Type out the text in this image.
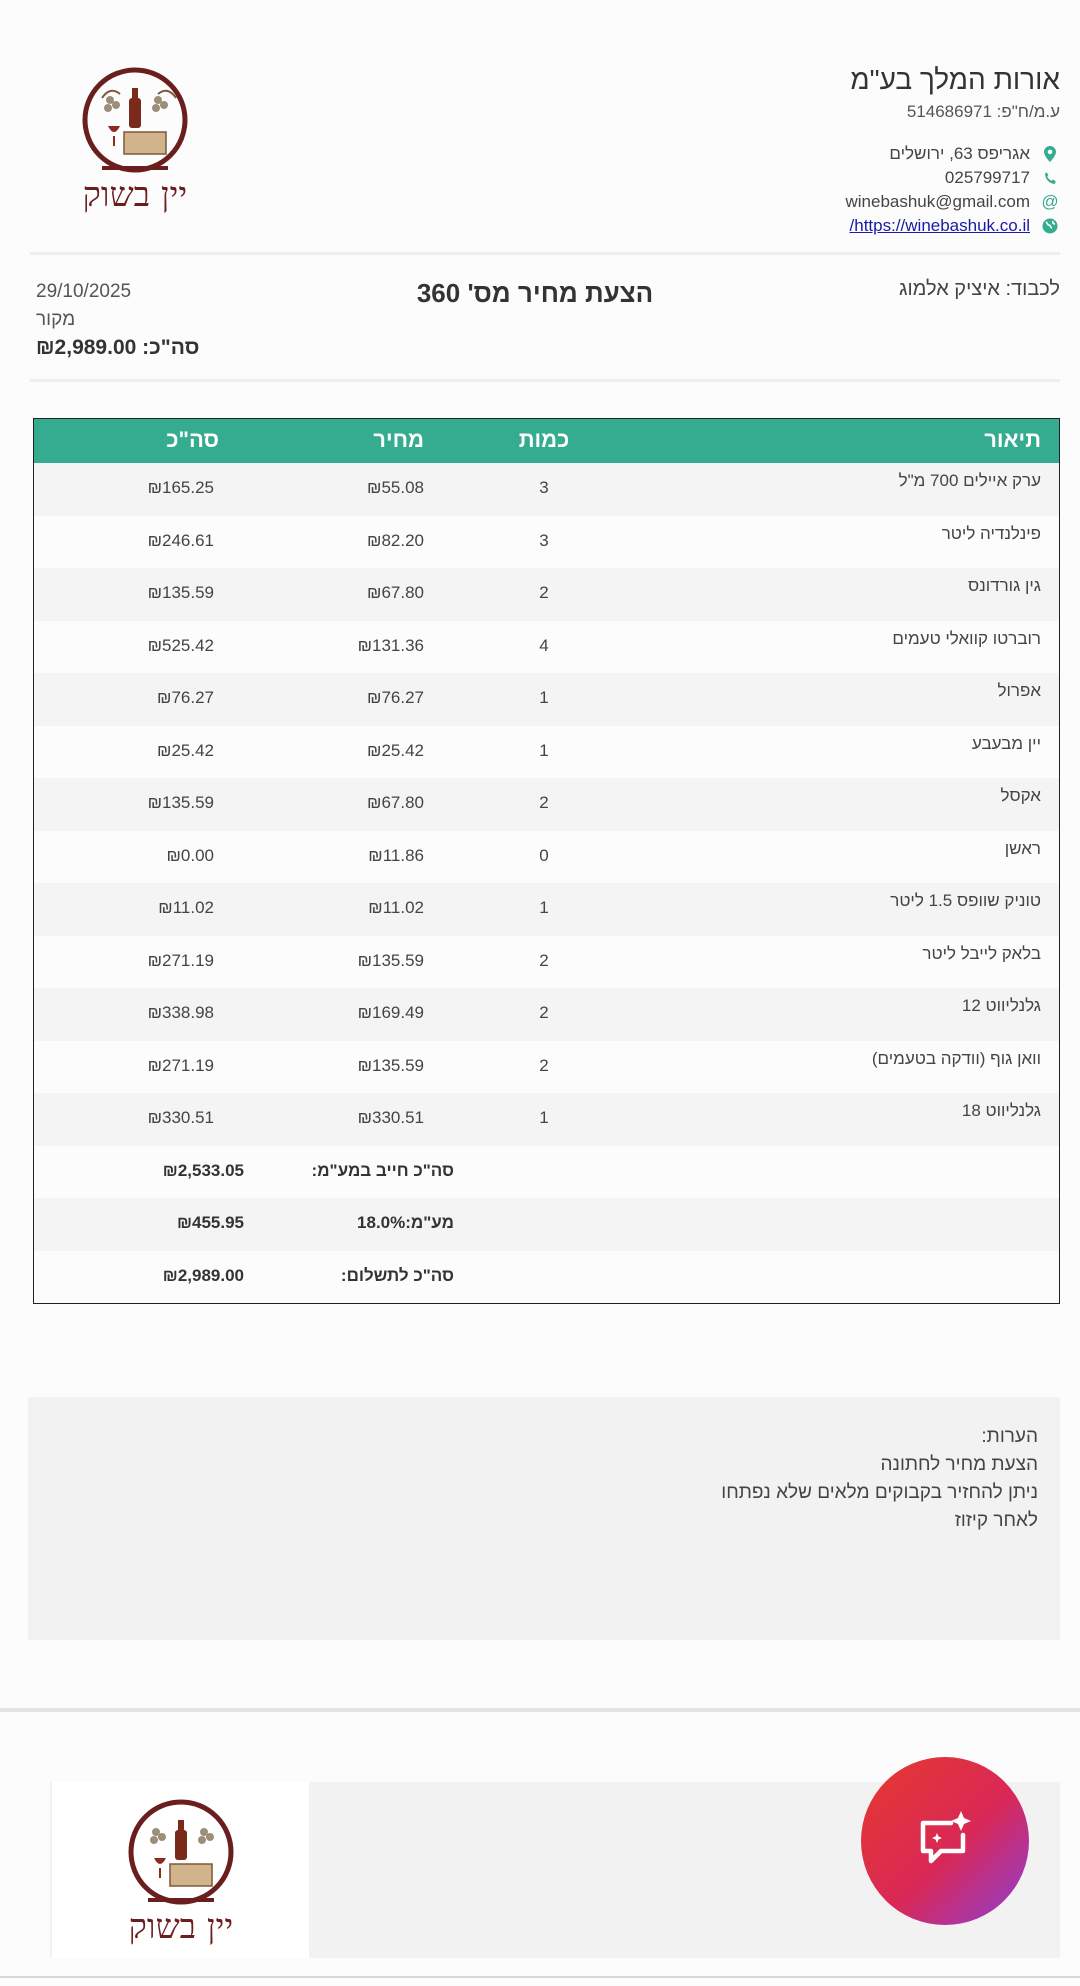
אורות המלך בע"מ
ע.מ/ח"פ: 514686971
אגריפס 63, ירושלים
025799717
@
winebashuk@gmail.com
https://winebashuk.co.il/
יין בשוק
לכבוד: איציק אלמוג
הצעת מחיר מס' 360
29/10/2025
מקור
סה"כ: ₪2,989.00
תיאור
כמות
מחיר
סה"כ
ערק איילים 700 מ"ל
3
₪55.08
₪165.25
פינלנדיה ליטר
3
₪82.20
₪246.61
גין גורדונס
2
₪67.80
₪135.59
רוברטו קוואלי טעמים
4
₪131.36
₪525.42
אפרול
1
₪76.27
₪76.27
יין מבעבע
1
₪25.42
₪25.42
אקסל
2
₪67.80
₪135.59
ראשן
0
₪11.86
₪0.00
טוניק שוופס 1.5 ליטר
1
₪11.02
₪11.02
בלאק לייבל ליטר
2
₪135.59
₪271.19
גלנליווט 12
2
₪169.49
₪338.98
וואן גוף (וודקה בטעמים)
2
₪135.59
₪271.19
גלנליווט 18
1
₪330.51
₪330.51
סה"כ חייב במע"מ:
₪2,533.05
מע"מ:18.0%
₪455.95
סה"כ לתשלום:
₪2,989.00
הערות:
הצעת מחיר לחתונה
ניתן להחזיר בקבוקים מלאים שלא נפתחו
לאחר קיזוז
יין בשוק
